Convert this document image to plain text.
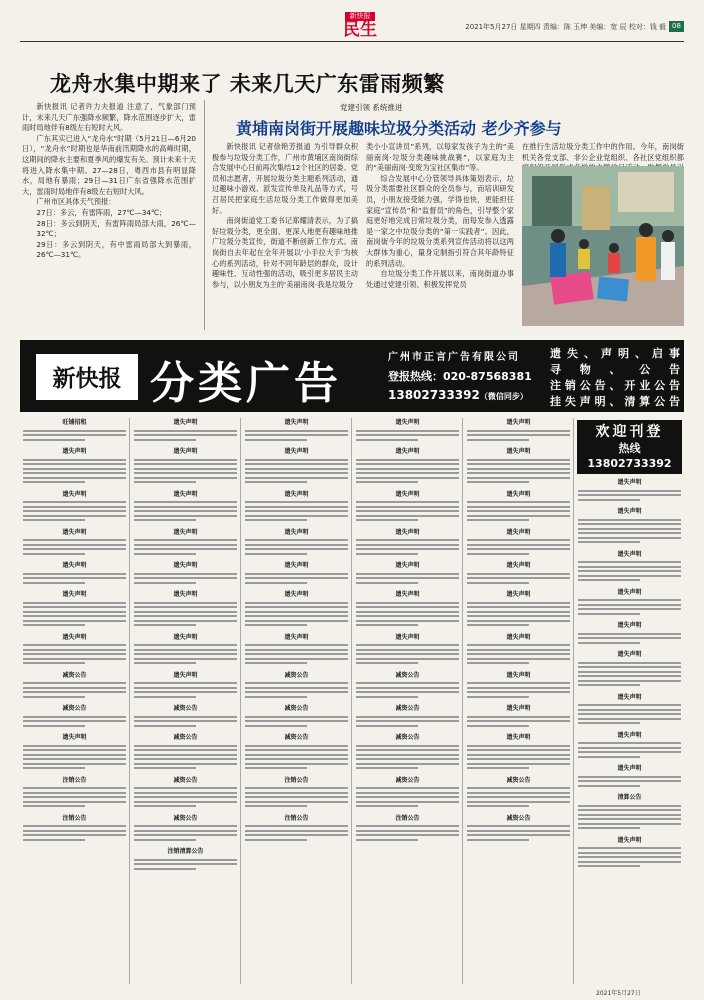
新快报
民生	2021年5月27日 星期四 责编：陈 玉坤 美编：宽 辰 校对：钱 毅 08
龙舟水集中期来了 未来几天广东雷雨频繁

新快报讯 记者许力夫报道 注意了，气象部门预计，未来几天广东强降水频繁，降水范围逐步扩大，雷雨时局地伴有8级左右短时大风。

广东其实已进入“龙舟水”时期（5月21日—6月20日），“龙舟水”时期也是华南前汛期降水的高峰时期，这期间的降水主要和夏季风的爆发有关。预计未来十天将进入降水集中期。27—28日，粤西市县有明显降水，局地有暴雨；29日—31日广东省强降水范围扩大，雷雨时局地伴有8级左右短时大风。

广州市区具体天气预报：

27日：多云，有雷阵雨，27℃—34℃；

28日：多云到阴天，有雷阵雨局部大雨，26℃—32℃；

29日：多云到阴天，有中雷雨局部大到暴雨，26℃—31℃。

党建引领 系统推进
黄埔南岗街开展趣味垃圾分类活动 老少齐参与

新快报讯 记者徐艳芳报道 为引导群众积极参与垃圾分类工作，广州市黄埔区南岗街综合发展中心日前再次集结12个社区的居委、党员和志愿者，开展垃圾分类主题系列活动，通过趣味小游戏、派发宣传单及礼品等方式，号召居民把家庭生活垃圾分类工作做得更加美好。

南岗街道党工委书记郑耀清表示，为了搞好垃圾分类，更全面、更深入地更有趣味地推广垃圾分类宣传，街道不断创新工作方式。南岗街自去年起在全年开展以‘小手拉大手’为核心的系列活动，针对不同年龄层的群众，设计趣味性、互动性强的活动，吸引更多居民主动参与，以小朋友为主的‘美丽南岗·我是垃圾分

类小小宣讲员”系列，以每家发孩子为主的“美丽南岗·垃圾分类趣味挑战赛”，以家庭为主的“美丽南岗·变废为宝社区集市”等。

综合发展中心分管领导具体策划表示，垃圾分类需要社区群众的全员参与，而培训研发员，小朋友接受能力强，学得也快，更能担任家庭“宣传员”和“监督员”的角色，引导整个家庭更好地完成日常垃圾分类，而每发参入透露是一家之中垃圾分类的“第一实践者”。因此，南岗街今年的垃圾分类系列宣传活动将以这两大群体为重心，量身定制指引符合其年龄特征的系列活动。

自垃圾分类工作开展以来，南岗街道办事处通过党建引领、积极发挥党员

在推行生活垃圾分类工作中的作用。今年，南岗街机关各党支部、非公企业党组织、各社区党组织都

新快报 分类广告
广州市正言广告有限公司
登报热线：020-87568381
13802733392（微信同步）
遗失、声明、启事
寻物、公告
注销公告、开业公告
挂失声明、清算公告
旺铺招租
遗失声明
遗失声明
遗失声明
遗失声明
遗失声明
遗失声明
减资公告
减资公告
遗失声明
注销公告
注销公告
遗失声明
遗失声明
遗失声明
遗失声明
遗失声明
遗失声明
遗失声明
遗失声明
减资公告
减资公告
减资公告
减资公告
注销清算公告
遗失声明
遗失声明
遗失声明
遗失声明
遗失声明
遗失声明
遗失声明
减资公告
减资公告
减资公告
注销公告
注销公告
遗失声明
遗失声明
遗失声明
遗失声明
遗失声明
遗失声明
遗失声明
减资公告
减资公告
减资公告
减资公告
注销公告
遗失声明
遗失声明
遗失声明
遗失声明
遗失声明
遗失声明
遗失声明
遗失声明
遗失声明
遗失声明
减资公告
减资公告
欢迎刊登
热线 13802733392
遗失声明
遗失声明
遗失声明
遗失声明
遗失声明
遗失声明
遗失声明
遗失声明
遗失声明
清算公告
遗失声明
2021年5月27日
